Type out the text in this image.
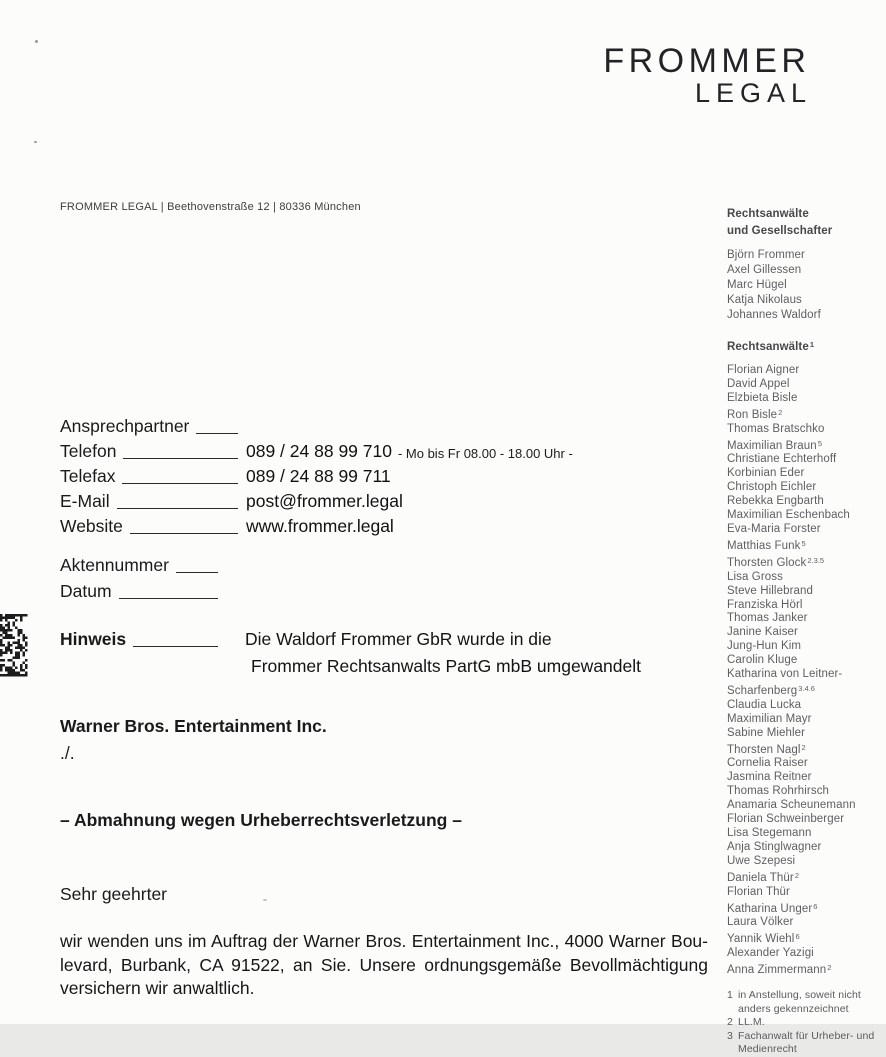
FROMMER
LEGAL
FROMMER LEGAL | Beethovenstraße 12 | 80336 München
Ansprechpartner
Telefon	089 / 24 88 99 710 - Mo bis Fr 08.00 - 18.00 Uhr -
Telefax	089 / 24 88 99 711
E-Mail	post@frommer.legal
Website	www.frommer.legal
Aktennummer
Datum
Hinweis	Die Waldorf Frommer GbR wurde in die
Frommer Rechtsanwalts PartG mbB umgewandelt
Warner Bros. Entertainment Inc.
./.
– Abmahnung wegen Urheberrechtsverletzung –
Sehr geehrter
wir wenden uns im Auftrag der Warner Bros. Entertainment Inc., 4000 Warner Bou-
levard, Burbank, CA 91522, an Sie. Unsere ordnungsgemäße Bevollmächtigung
versichern wir anwaltlich.
Rechtsanwälte
und Gesellschafter
Björn Frommer
Axel Gillessen
Marc Hügel
Katja Nikolaus
Johannes Waldorf
Rechtsanwälte$^1$
Florian Aigner
David Appel
Elzbieta Bisle
Ron Bisle$^2$
Thomas Bratschko
Maximilian Braun$^5$
Christiane Echterhoff
Korbinian Eder
Christoph Eichler
Rebekka Engbarth
Maximilian Eschenbach
Eva-Maria Forster
Matthias Funk$^5$
Thorsten Glock$^{2.3.5}$
Lisa Gross
Steve Hillebrand
Franziska Hörl
Thomas Janker
Janine Kaiser
Jung-Hun Kim
Carolin Kluge
Katharina von Leitner-Scharfenberg$^{3.4.6}$
Claudia Lucka
Maximilian Mayr
Sabine Miehler
Thorsten Nagl$^2$
Cornelia Raiser
Jasmina Reitner
Thomas Rohrhirsch
Anamaria Scheunemann
Florian Schweinberger
Lisa Stegemann
Anja Stinglwagner
Uwe Szepesi
Daniela Thür$^2$
Florian Thür
Katharina Unger$^6$
Laura Völker
Yannik Wiehl$^6$
Alexander Yazigi
Anna Zimmermann$^2$
1 in Anstellung, soweit nicht anders gekennzeichnet
2 LL.M.
3 Fachanwalt für Urheber- und Medienrecht
